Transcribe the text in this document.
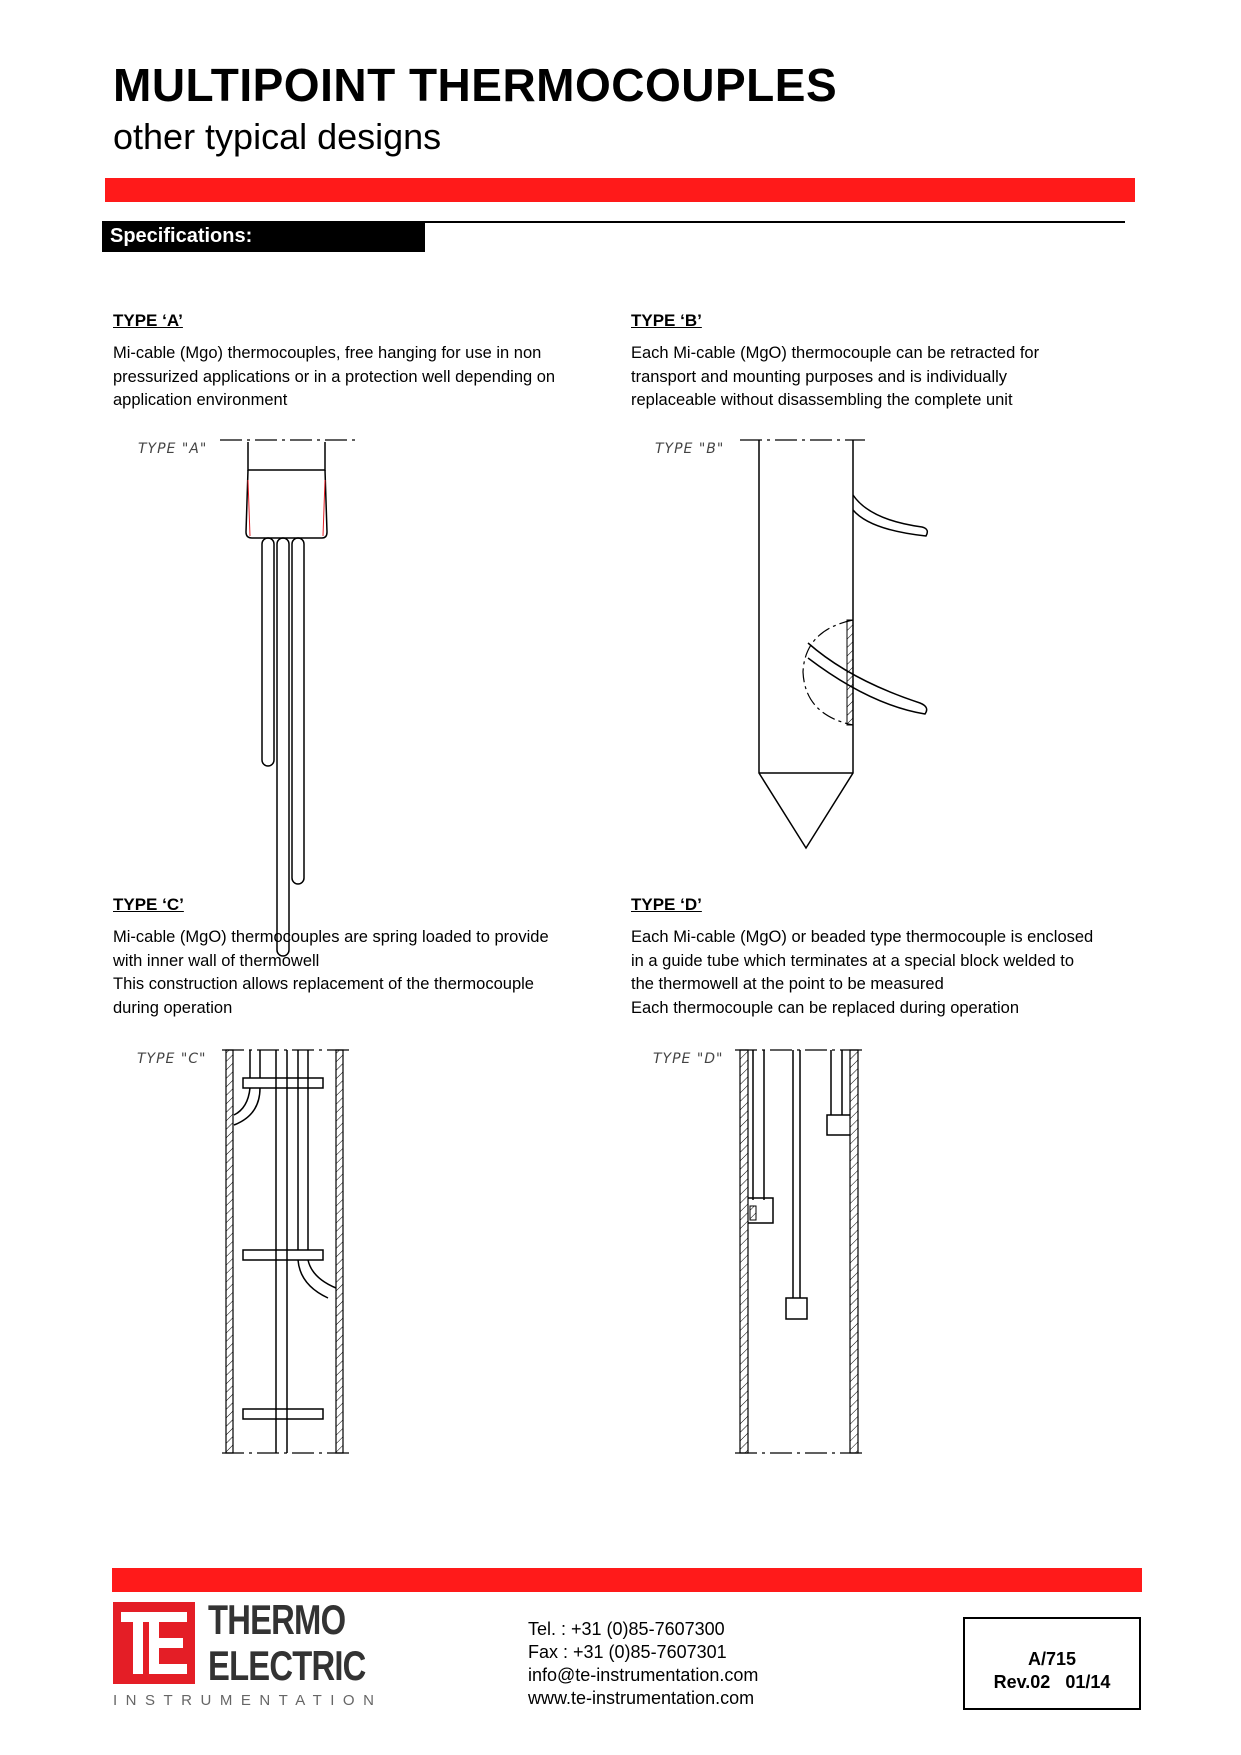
MULTIPOINT THERMOCOUPLES
other typical designs
Specifications:
TYPE ‘A’
Mi-cable (Mgo) thermocouples, free hanging for use in non
pressurized applications or in a protection well depending on
application environment
TYPE ‘B’
Each Mi-cable (MgO) thermocouple can be retracted for
transport and mounting purposes and is individually
replaceable without disassembling the complete unit
TYPE "A"	TYPE "B"
TYPE ‘C’
Mi-cable (MgO) thermocouples are spring loaded to provide
with inner wall of thermowell
This construction allows replacement of the thermocouple
during operation
TYPE ‘D’
Each Mi-cable (MgO) or beaded type thermocouple is enclosed
in a guide tube which terminates at a special block welded to
the thermowell at the point to be measured
Each thermocouple can be replaced during operation
TYPE "C"	TYPE "D"
THERMO
ELECTRIC
INSTRUMENTATION
Tel. : +31 (0)85-7607300
Fax : +31 (0)85-7607301
info@te-instrumentation.com
www.te-instrumentation.com
A/715
Rev.02   01/14
